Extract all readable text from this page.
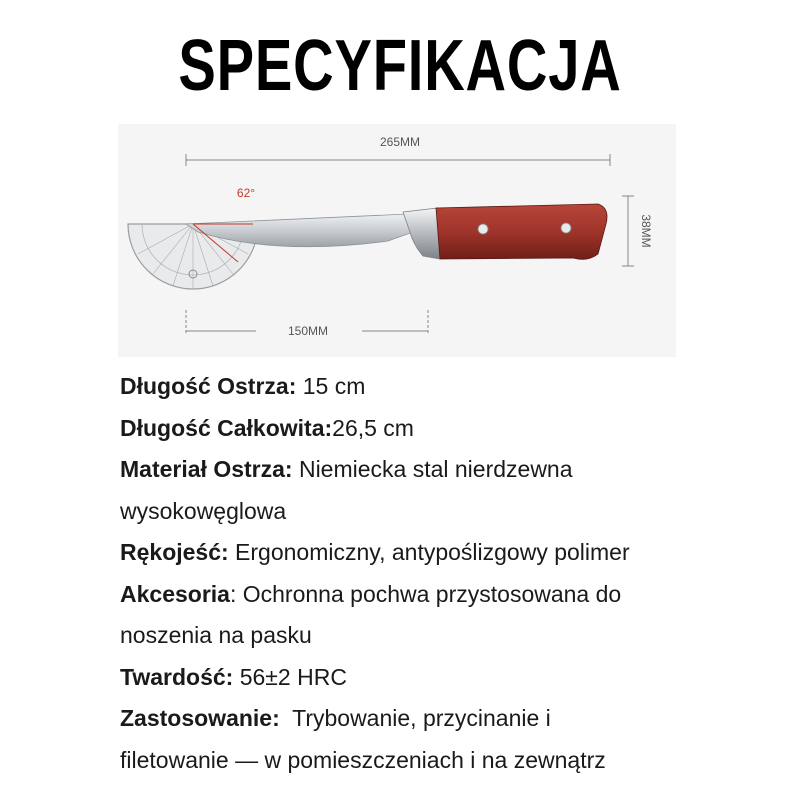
SPECYFIKACJA
265MM
38MM
150MM
62°
Długość Ostrza: 15 cm
Długość Całkowita:26,5 cm
Materiał Ostrza: Niemiecka stal nierdzewna
wysokowęglowa
Rękojeść: Ergonomiczny, antypoślizgowy polimer
Akcesoria: Ochronna pochwa przystosowana do
noszenia na pasku
Twardość: 56±2 HRC
Zastosowanie:  Trybowanie, przycinanie i
filetowanie — w pomieszczeniach i na zewnątrz
